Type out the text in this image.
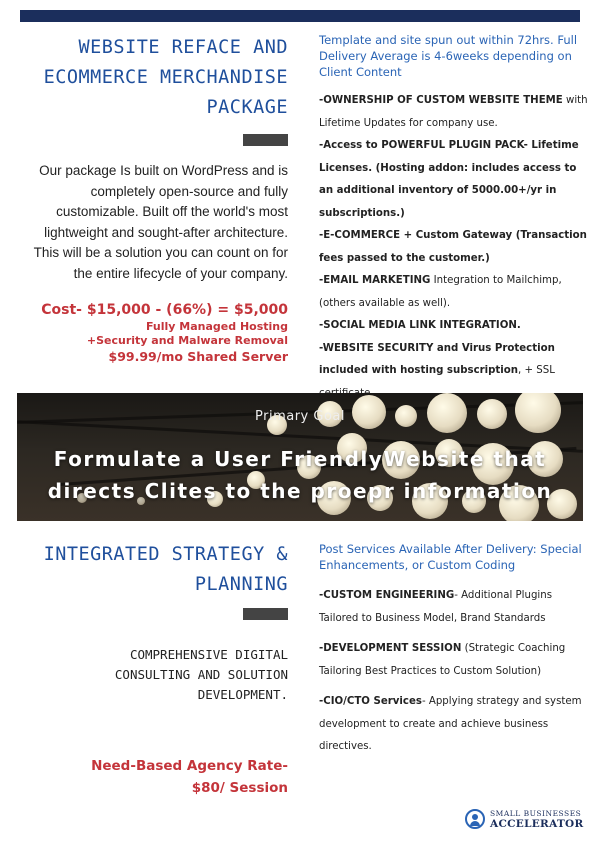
WEBSITE REFACE AND
ECOMMERCE MERCHANDISE
PACKAGE
Our package Is built on WordPress and is completely open-source and fully customizable. Built off the world's most lightweight and sought-after architecture. This will be a solution you can count on for the entire lifecycle of your company.
Cost- $15,000 - (66%) = $5,000
Fully Managed Hosting
+Security and Malware Removal
$99.99/mo Shared Server
Template and site spun out within 72hrs. Full Delivery Average is 4-6weeks depending on Client Content
-OWNERSHIP OF CUSTOM WEBSITE THEME with Lifetime Updates for company use.
-Access to POWERFUL PLUGIN PACK- Lifetime Licenses. (Hosting addon: includes access to an additional inventory of 5000.00+/yr in subscriptions.)
-E-COMMERCE + Custom Gateway (Transaction fees passed to the customer.)
-EMAIL MARKETING Integration to Mailchimp, (others available as well).
-SOCIAL MEDIA LINK INTEGRATION.
-WEBSITE SECURITY and Virus Protection included with hosting subscription, + SSL
Primary Goal
Formulate a User FriendlyWebsite that
directs Clites to the proepr information
INTEGRATED STRATEGY &
PLANNING
COMPREHENSIVE DIGITAL
CONSULTING AND SOLUTION
DEVELOPMENT.
Need-Based Agency Rate-
$80/ Session
Post Services Available After Delivery: Special Enhancements, or Custom Coding
-CUSTOM ENGINEERING- Additional Plugins Tailored to Business Model, Brand Standards
-DEVELOPMENT SESSION (Strategic Coaching Tailoring Best Practices to Custom Solution)
-CIO/CTO Services- Applying strategy and system development to create and achieve business directives.
SMALL BUSINESSES
ACCELERATOR
